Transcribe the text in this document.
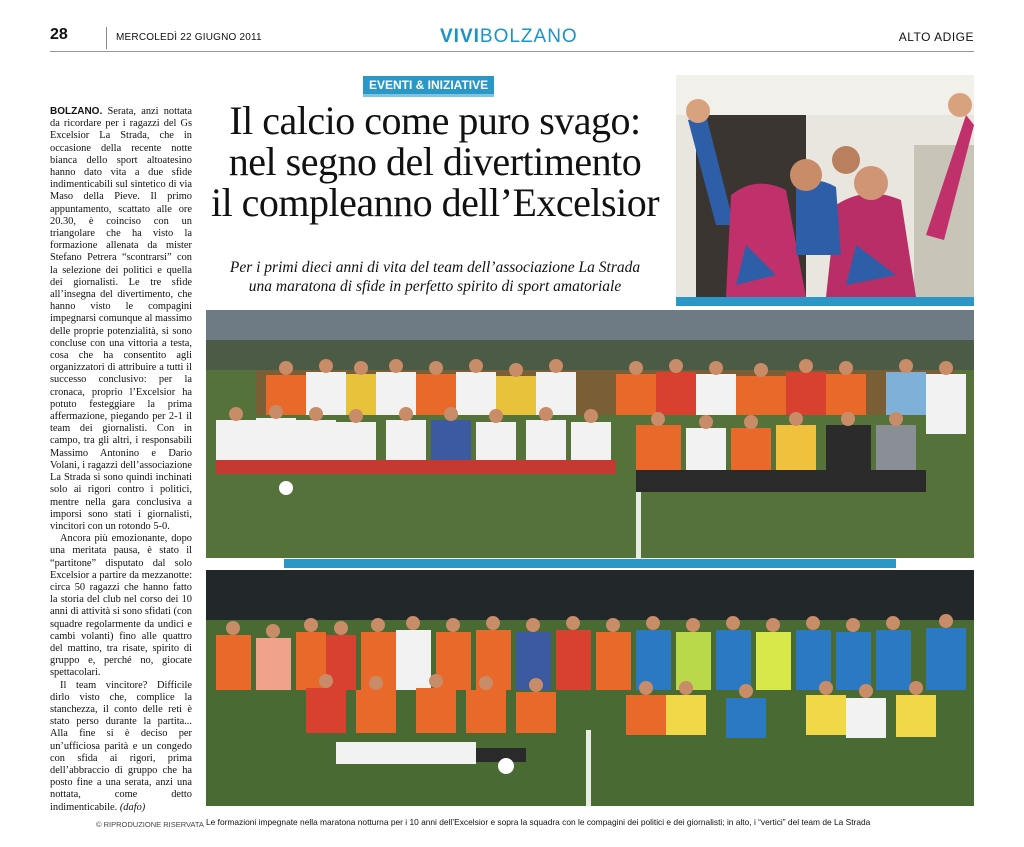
28	MERCOLEDÌ 22 GIUGNO 2011	VIVIBOLZANO	ALTO ADIGE
EVENTI & INIZIATIVE
Il calcio come puro svago:
nel segno del divertimento
il compleanno dell’Excelsior
Per i primi dieci anni di vita del team dell’associazione La Strada
una maratona di sfide in perfetto spirito di sport amatoriale

BOLZANO. Serata, anzi nottata da ricordare per i ragazzi del Gs Excelsior La Strada, che in occasione della recente notte bianca dello sport altoatesino hanno dato vita a due sfide indimenticabili sul sintetico di via Maso della Pieve. Il primo appuntamento, scattato alle ore 20.30, è coinciso con un triangolare che ha visto la formazione allenata da mister Stefano Petrera “scontrarsi” con la selezione dei politici e quella dei giornalisti. Le tre sfide all’insegna del divertimento, che hanno visto le compagini impegnarsi comunque al massimo delle proprie potenzialità, si sono concluse con una vittoria a testa, cosa che ha consentito agli organizzatori di attribuire a tutti il successo conclusivo: per la cronaca, proprio l’Excelsior ha potuto festeggiare la prima affermazione, piegando per 2-1 il team dei giornalisti. Con in campo, tra gli altri, i responsabili Massimo Antonino e Dario Volani, i ragazzi dell’associazione La Strada si sono quindi inchinati solo ai rigori contro i politici, mentre nella gara conclusiva a imporsi sono stati i giornalisti, vincitori con un rotondo 5-0.

Ancora più emozionante, dopo una meritata pausa, è stato il “partitone” disputato dal solo Excelsior a partire da mezzanotte: circa 50 ragazzi che hanno fatto la storia del club nel corso dei 10 anni di attività si sono sfidati (con squadre regolarmente da undici e cambi volanti) fino alle quattro del mattino, tra risate, spirito di gruppo e, perché no, giocate spettacolari.

Il team vincitore? Difficile dirlo visto che, complice la stanchezza, il conto delle reti è stato perso durante la partita... Alla fine si è deciso per un’ufficiosa parità e un congedo con sfida ai rigori, prima dell’abbraccio di gruppo che ha posto fine a una serata, anzi una nottata, come detto indimenticabile. (dafo)

© RIPRODUZIONE RISERVATA Le formazioni impegnate nella maratona notturna per i 10 anni dell’Excelsior e sopra la squadra con le compagini dei politici e dei giornalisti; in alto, i “vertici” del team de La Strada
